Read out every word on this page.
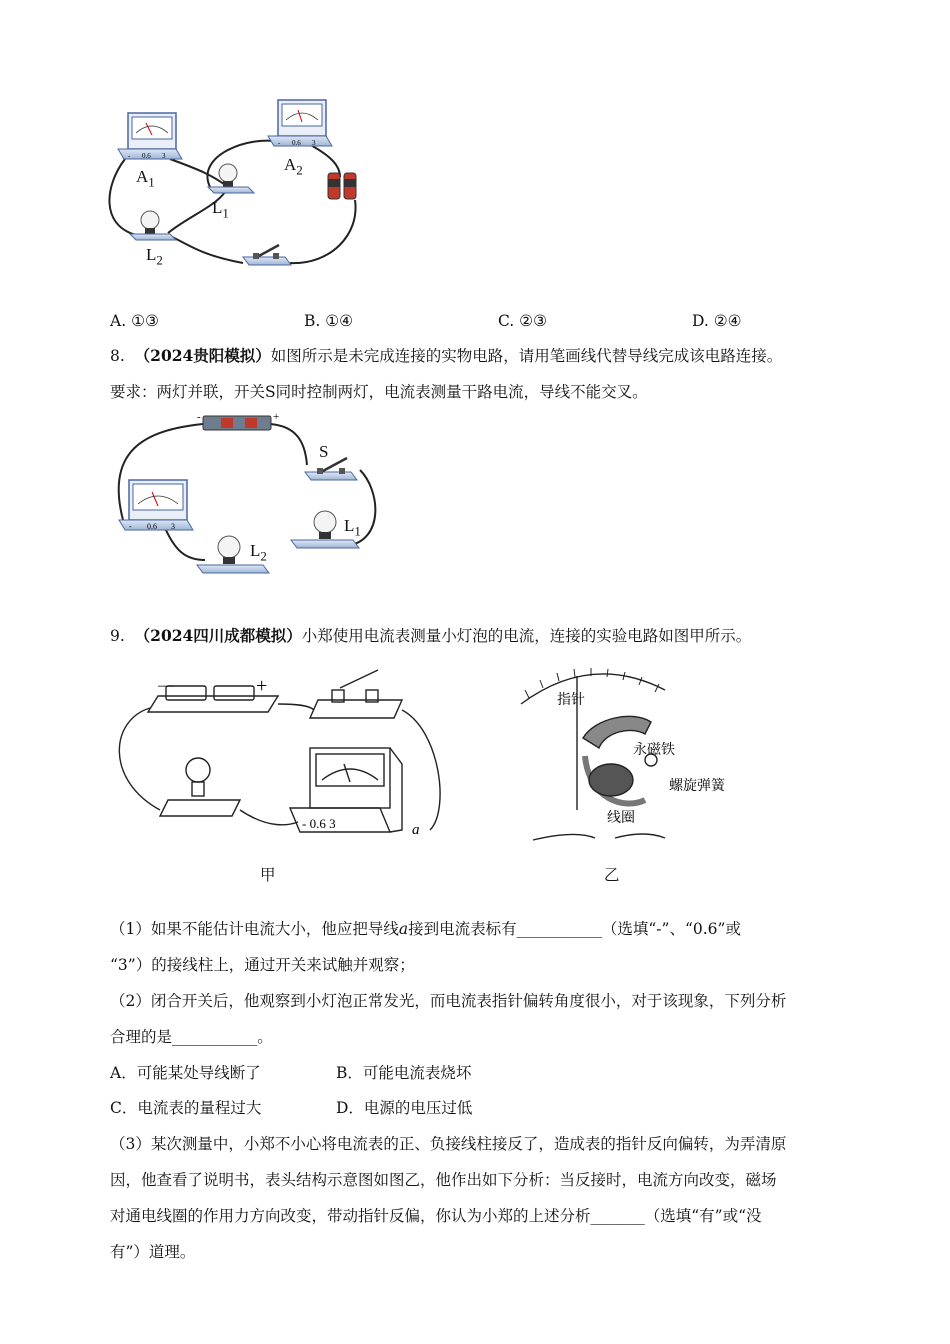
- 0.6 3
- 0.6 3
$A_1$
$L_1$
$A_2$
$L_2$
A. ①③	B. ①④	C. ②③	D. ②④
8. （2024贵阳模拟）如图所示是未完成连接的实物电路，请用笔画线代替导线完成该电路连接。
要求：两灯并联，开关S同时控制两灯，电流表测量干路电流，导线不能交叉。
-	+
- 0.6 3
S
$L_1$
$L_2$
9. （2024四川成都模拟）小郑使用电流表测量小灯泡的电流，连接的实验电路如图甲所示。
—	+
- 0.6 3	a
甲
指针
永磁铁
螺旋弹簧
线圈
乙
（1）如果不能估计电流大小，他应把导线a接到电流表标有___________（选填“-”、“0.6”或
“3”）的接线柱上，通过开关来试触并观察；
（2）闭合开关后，他观察到小灯泡正常发光，而电流表指针偏转角度很小，对于该现象，下列分析
合理的是___________。
A．可能某处导线断了	B．可能电流表烧坏
C．电流表的量程过大	D．电源的电压过低
（3）某次测量中，小郑不小心将电流表的正、负接线柱接反了，造成表的指针反向偏转，为弄清原
因，他查看了说明书，表头结构示意图如图乙，他作出如下分析：当反接时，电流方向改变，磁场
对通电线圈的作用力方向改变，带动指针反偏，你认为小郑的上述分析_______（选填“有”或“没
有”）道理。
